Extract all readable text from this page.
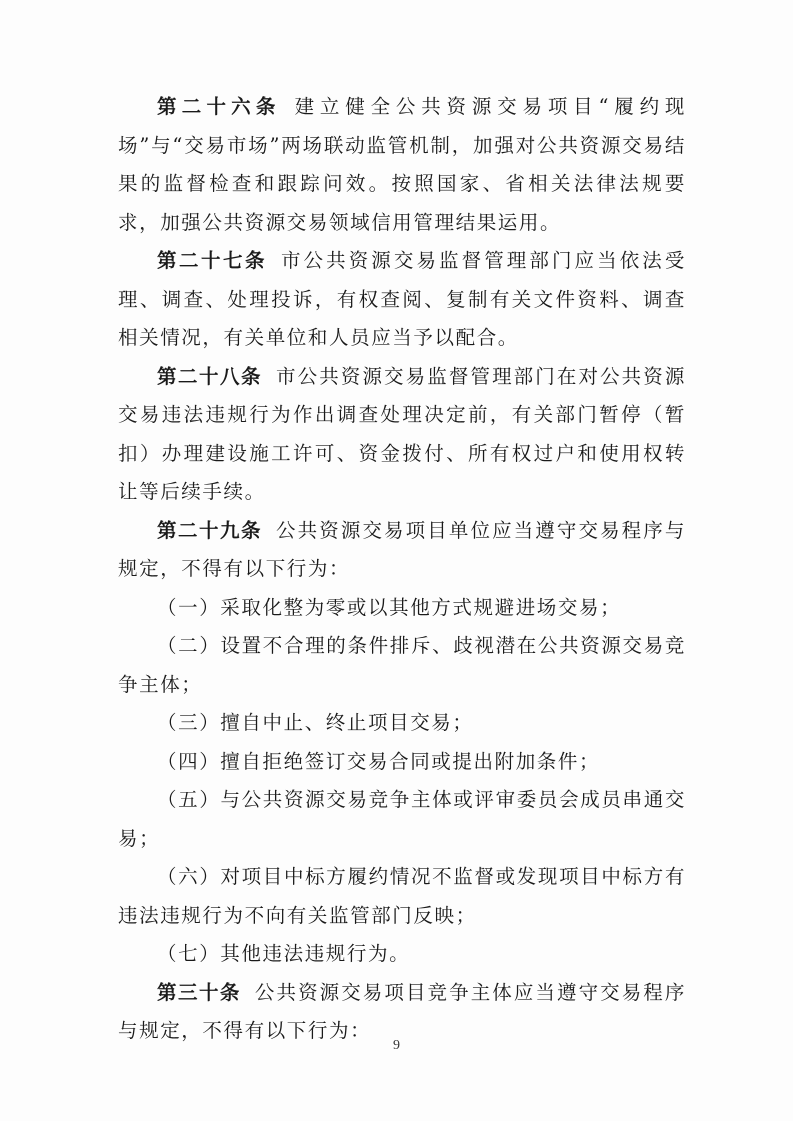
第二十六条 建立健全公共资源交易项目“履约现场”与“交易市场”两场联动监管机制，加强对公共资源交易结果的监督检查和跟踪问效。按照国家、省相关法律法规要求，加强公共资源交易领域信用管理结果运用。

第二十七条 市公共资源交易监督管理部门应当依法受理、调查、处理投诉，有权查阅、复制有关文件资料、调查相关情况，有关单位和人员应当予以配合。

第二十八条 市公共资源交易监督管理部门在对公共资源交易违法违规行为作出调查处理决定前，有关部门暂停（暂扣）办理建设施工许可、资金拨付、所有权过户和使用权转让等后续手续。

第二十九条 公共资源交易项目单位应当遵守交易程序与规定，不得有以下行为：

（一）采取化整为零或以其他方式规避进场交易；

（二）设置不合理的条件排斥、歧视潜在公共资源交易竞争主体；

（三）擅自中止、终止项目交易；

（四）擅自拒绝签订交易合同或提出附加条件；

（五）与公共资源交易竞争主体或评审委员会成员串通交易；

（六）对项目中标方履约情况不监督或发现项目中标方有违法违规行为不向有关监管部门反映；

（七）其他违法违规行为。

第三十条 公共资源交易项目竞争主体应当遵守交易程序与规定，不得有以下行为：

9
